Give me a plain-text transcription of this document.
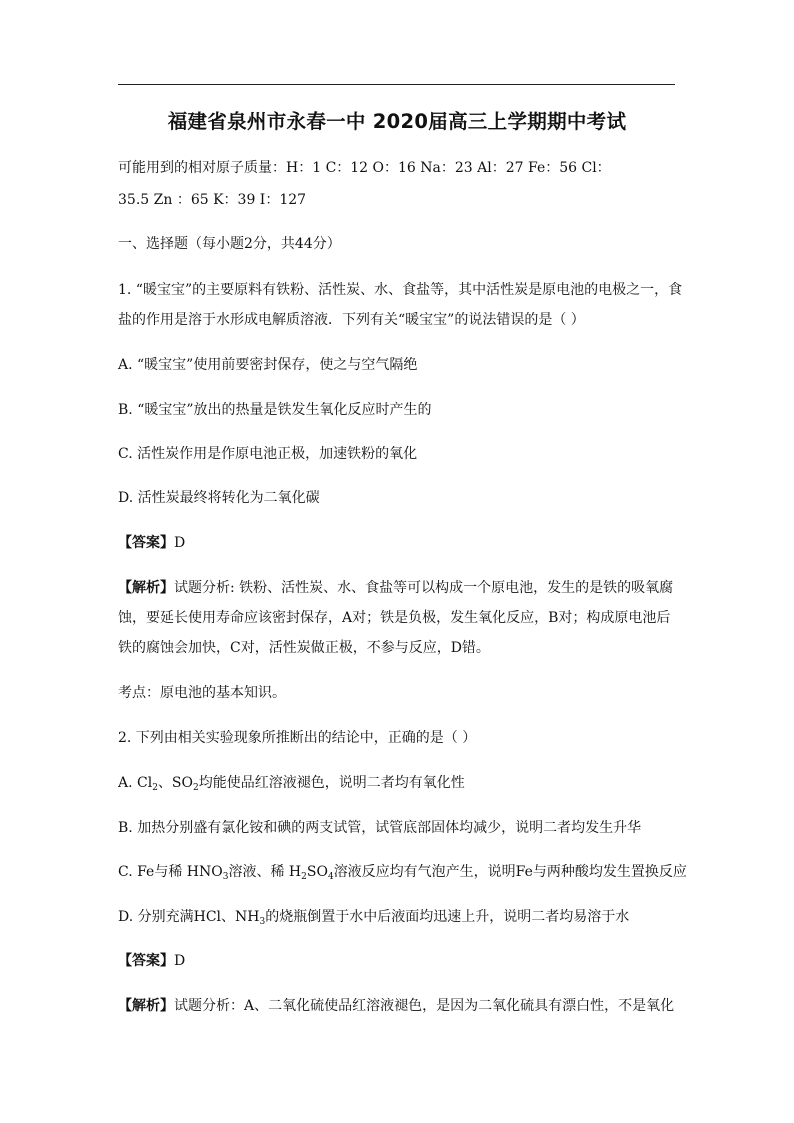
福建省泉州市永春一中 2020届高三上学期期中考试
可能用到的相对原子质量：H：1 C：12 O：16 Na：23 Al：27 Fe：56 Cl：
35.5 Zn ：65 K：39 I：127
一、选择题（每小题2分，共44分）
1. “暖宝宝”的主要原料有铁粉、活性炭、水、食盐等，其中活性炭是原电池的电极之一，食
盐的作用是溶于水形成电解质溶液．下列有关“暖宝宝”的说法错误的是（ ）
A. “暖宝宝”使用前要密封保存，使之与空气隔绝
B. “暖宝宝”放出的热量是铁发生氧化反应时产生的
C. 活性炭作用是作原电池正极，加速铁粉的氧化
D. 活性炭最终将转化为二氧化碳
【答案】D
【解析】试题分析: 铁粉、活性炭、水、食盐等可以构成一个原电池，发生的是铁的吸氧腐
蚀，要延长使用寿命应该密封保存，A对；铁是负极，发生氧化反应，B对；构成原电池后
铁的腐蚀会加快，C对，活性炭做正极，不参与反应，D错。
考点：原电池的基本知识。
2. 下列由相关实验现象所推断出的结论中，正确的是（ ）
A. $Cl_2$、$SO_2$均能使品红溶液褪色，说明二者均有氧化性
B. 加热分别盛有氯化铵和碘的两支试管，试管底部固体均减少，说明二者均发生升华
C. Fe与稀 $HNO_3$溶液、稀 $H_2SO_4$溶液反应均有气泡产生，说明Fe与两种酸均发生置换反应
D. 分别充满HCl、$NH_3$的烧瓶倒置于水中后液面均迅速上升，说明二者均易溶于水
【答案】D
【解析】试题分析：A、二氧化硫使品红溶液褪色，是因为二氧化硫具有漂白性，不是氧化
